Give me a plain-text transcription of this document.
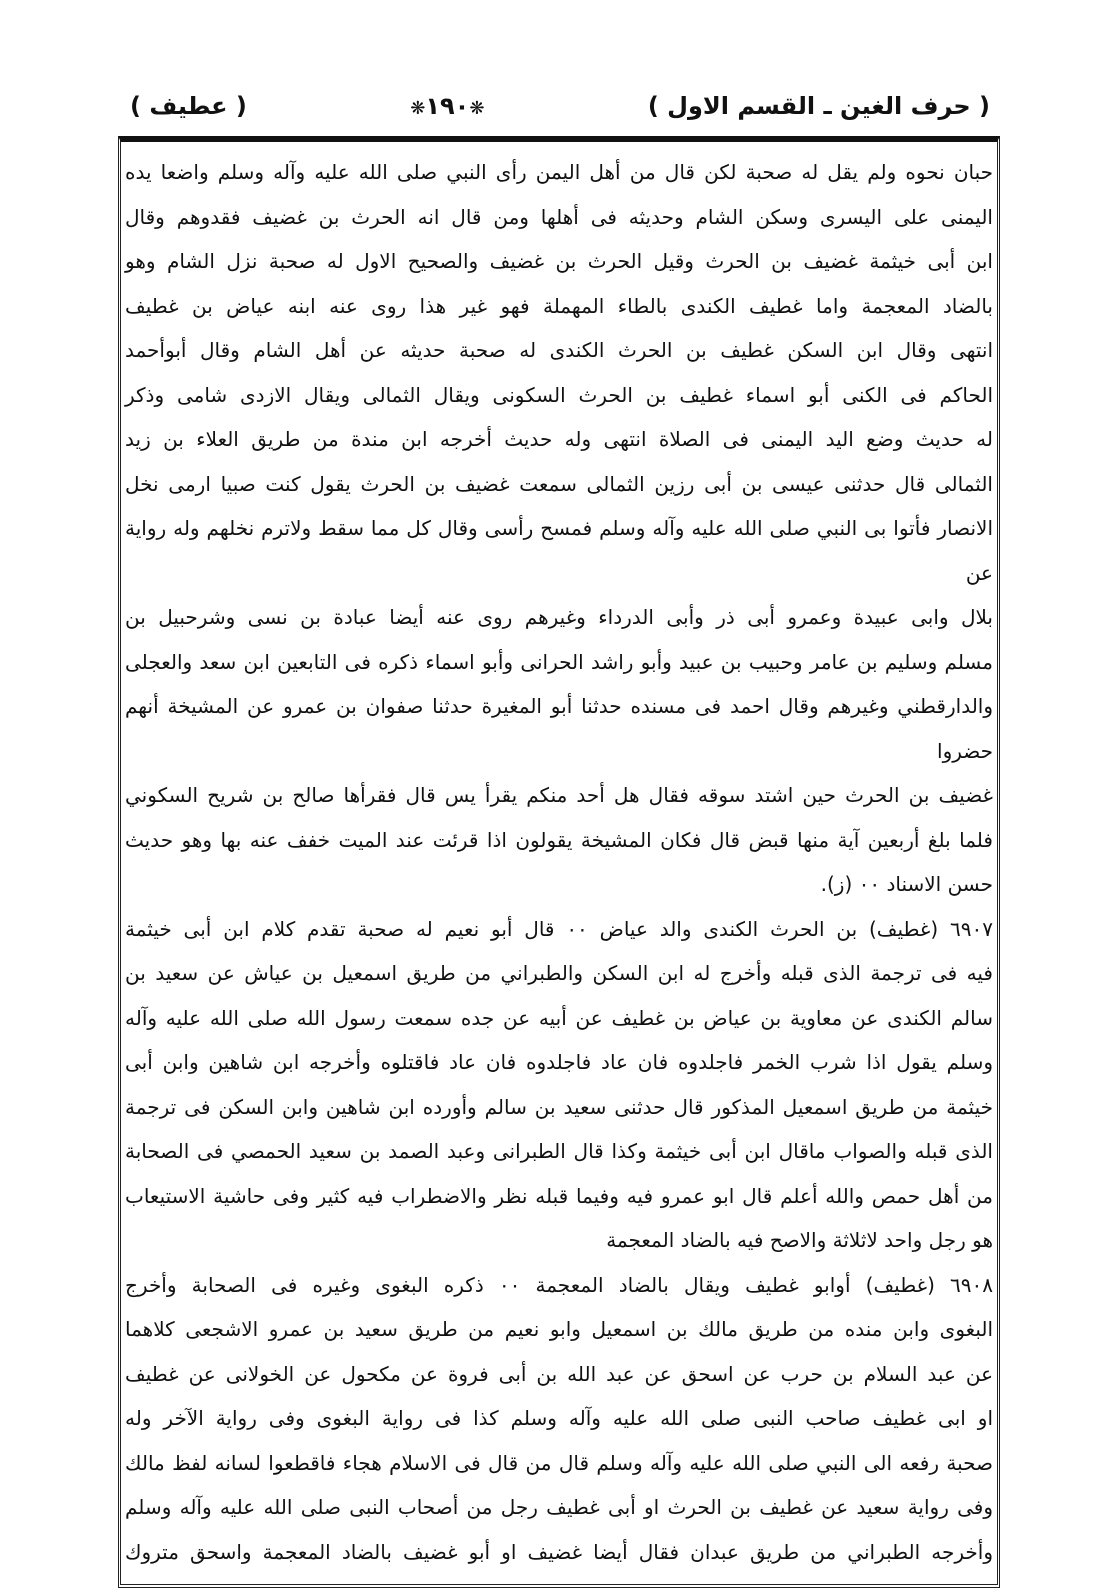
( حرف الغين ـ القسم الاول )
❋١٩٠❋
( عطيف )
حبان نحوه ولم يقل له صحبة لكن قال من أهل اليمن رأى النبي صلى الله عليه وآله وسلم واضعا يده
اليمنى على اليسرى وسكن الشام وحديثه فى أهلها ومن قال انه الحرث بن غضيف فقدوهم وقال
ابن أبى خيثمة غضيف بن الحرث وقيل الحرث بن غضيف والصحيح الاول له صحبة نزل الشام وهو
بالضاد المعجمة واما غطيف الكندى بالطاء المهملة فهو غير هذا روى عنه ابنه عياض بن غطيف
انتهى وقال ابن السكن غطيف بن الحرث الكندى له صحبة حديثه عن أهل الشام وقال أبوأحمد
الحاكم فى الكنى أبو اسماء غطيف بن الحرث السكونى ويقال الثمالى ويقال الازدى شامى وذكر
له حديث وضع اليد اليمنى فى الصلاة انتهى وله حديث أخرجه ابن مندة من طريق العلاء بن زيد
الثمالى قال حدثنى عيسى بن أبى رزين الثمالى سمعت غضيف بن الحرث يقول كنت صبيا ارمى نخل
الانصار فأتوا بى النبي صلى الله عليه وآله وسلم فمسح رأسى وقال كل مما سقط ولاترم نخلهم وله رواية عن
بلال وابى عبيدة وعمرو أبى ذر وأبى الدرداء وغيرهم روى عنه أيضا عبادة بن نسى وشرحبيل بن
مسلم وسليم بن عامر وحبيب بن عبيد وأبو راشد الحرانى وأبو اسماء ذكره فى التابعين ابن سعد والعجلى
والدارقطني وغيرهم وقال احمد فى مسنده حدثنا أبو المغيرة حدثنا صفوان بن عمرو عن المشيخة أنهم حضروا
غضيف بن الحرث حين اشتد سوقه فقال هل أحد منكم يقرأ يس قال فقرأها صالح بن شريح السكوني
فلما بلغ أربعين آية منها قبض قال فكان المشيخة يقولون اذا قرئت عند الميت خفف عنه بها وهو حديث
حسن الاسناد ٠٠ (ز).
٦٩٠٧ (غطيف) بن الحرث الكندى والد عياض ٠٠ قال أبو نعيم له صحبة تقدم كلام ابن أبى خيثمة
فيه فى ترجمة الذى قبله وأخرج له ابن السكن والطبراني من طريق اسمعيل بن عياش عن سعيد بن
سالم الكندى عن معاوية بن عياض بن غطيف عن أبيه عن جده سمعت رسول الله صلى الله عليه وآله
وسلم يقول اذا شرب الخمر فاجلدوه فان عاد فاجلدوه فان عاد فاقتلوه وأخرجه ابن شاهين وابن أبى
خيثمة من طريق اسمعيل المذكور قال حدثنى سعيد بن سالم وأورده ابن شاهين وابن السكن فى ترجمة
الذى قبله والصواب ماقال ابن أبى خيثمة وكذا قال الطبرانى وعبد الصمد بن سعيد الحمصي فى الصحابة
من أهل حمص والله أعلم قال ابو عمرو فيه وفيما قبله نظر والاضطراب فيه كثير وفى حاشية الاستيعاب
هو رجل واحد لاثلاثة والاصح فيه بالضاد المعجمة
٦٩٠٨ (غطيف) أوابو غطيف ويقال بالضاد المعجمة ٠٠ ذكره البغوى وغيره فى الصحابة وأخرج
البغوى وابن منده من طريق مالك بن اسمعيل وابو نعيم من طريق سعيد بن عمرو الاشجعى كلاهما
عن عبد السلام بن حرب عن اسحق عن عبد الله بن أبى فروة عن مكحول عن الخولانى عن غطيف
او ابى غطيف صاحب النبى صلى الله عليه وآله وسلم كذا فى رواية البغوى وفى رواية الآخر وله
صحبة رفعه الى النبي صلى الله عليه وآله وسلم قال من قال فى الاسلام هجاء فاقطعوا لسانه لفظ مالك
وفى رواية سعيد عن غطيف بن الحرث او أبى غطيف رجل من أصحاب النبى صلى الله عليه وآله وسلم
وأخرجه الطبراني من طريق عبدان فقال أيضا غضيف او أبو غضيف بالضاد المعجمة واسحق متروك
